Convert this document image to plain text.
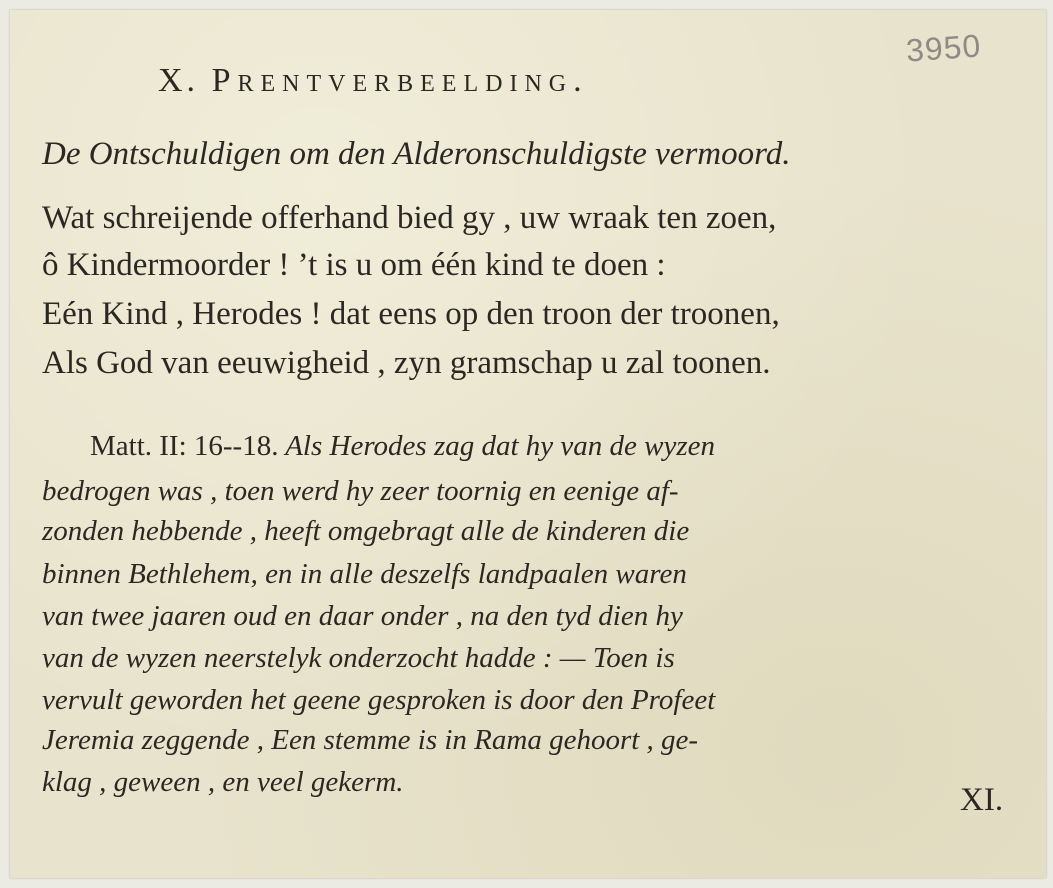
X. Prentverbeelding.
3950
De Ontschuldigen om den Alderonschuldigste vermoord.
Wat schreijende offerhand bied gy , uw wraak ten zoen,
ô Kindermoorder ! ’t is u om één kind te doen :
Eén Kind , Herodes ! dat eens op den troon der troonen,
Als God van eeuwigheid , zyn gramschap u zal toonen.
Matt. II: 16--18. Als Herodes zag dat hy van de wyzen
bedrogen was , toen werd hy zeer toornig en eenige af-
zonden hebbende , heeft omgebragt alle de kinderen die
binnen Bethlehem, en in alle deszelfs landpaalen waren
van twee jaaren oud en daar onder , na den tyd dien hy
van de wyzen neerstelyk onderzocht hadde : — Toen is
vervult geworden het geene gesproken is door den Profeet
Jeremia zeggende , Een stemme is in Rama gehoort , ge-
klag , geween , en veel gekerm.	XI.
